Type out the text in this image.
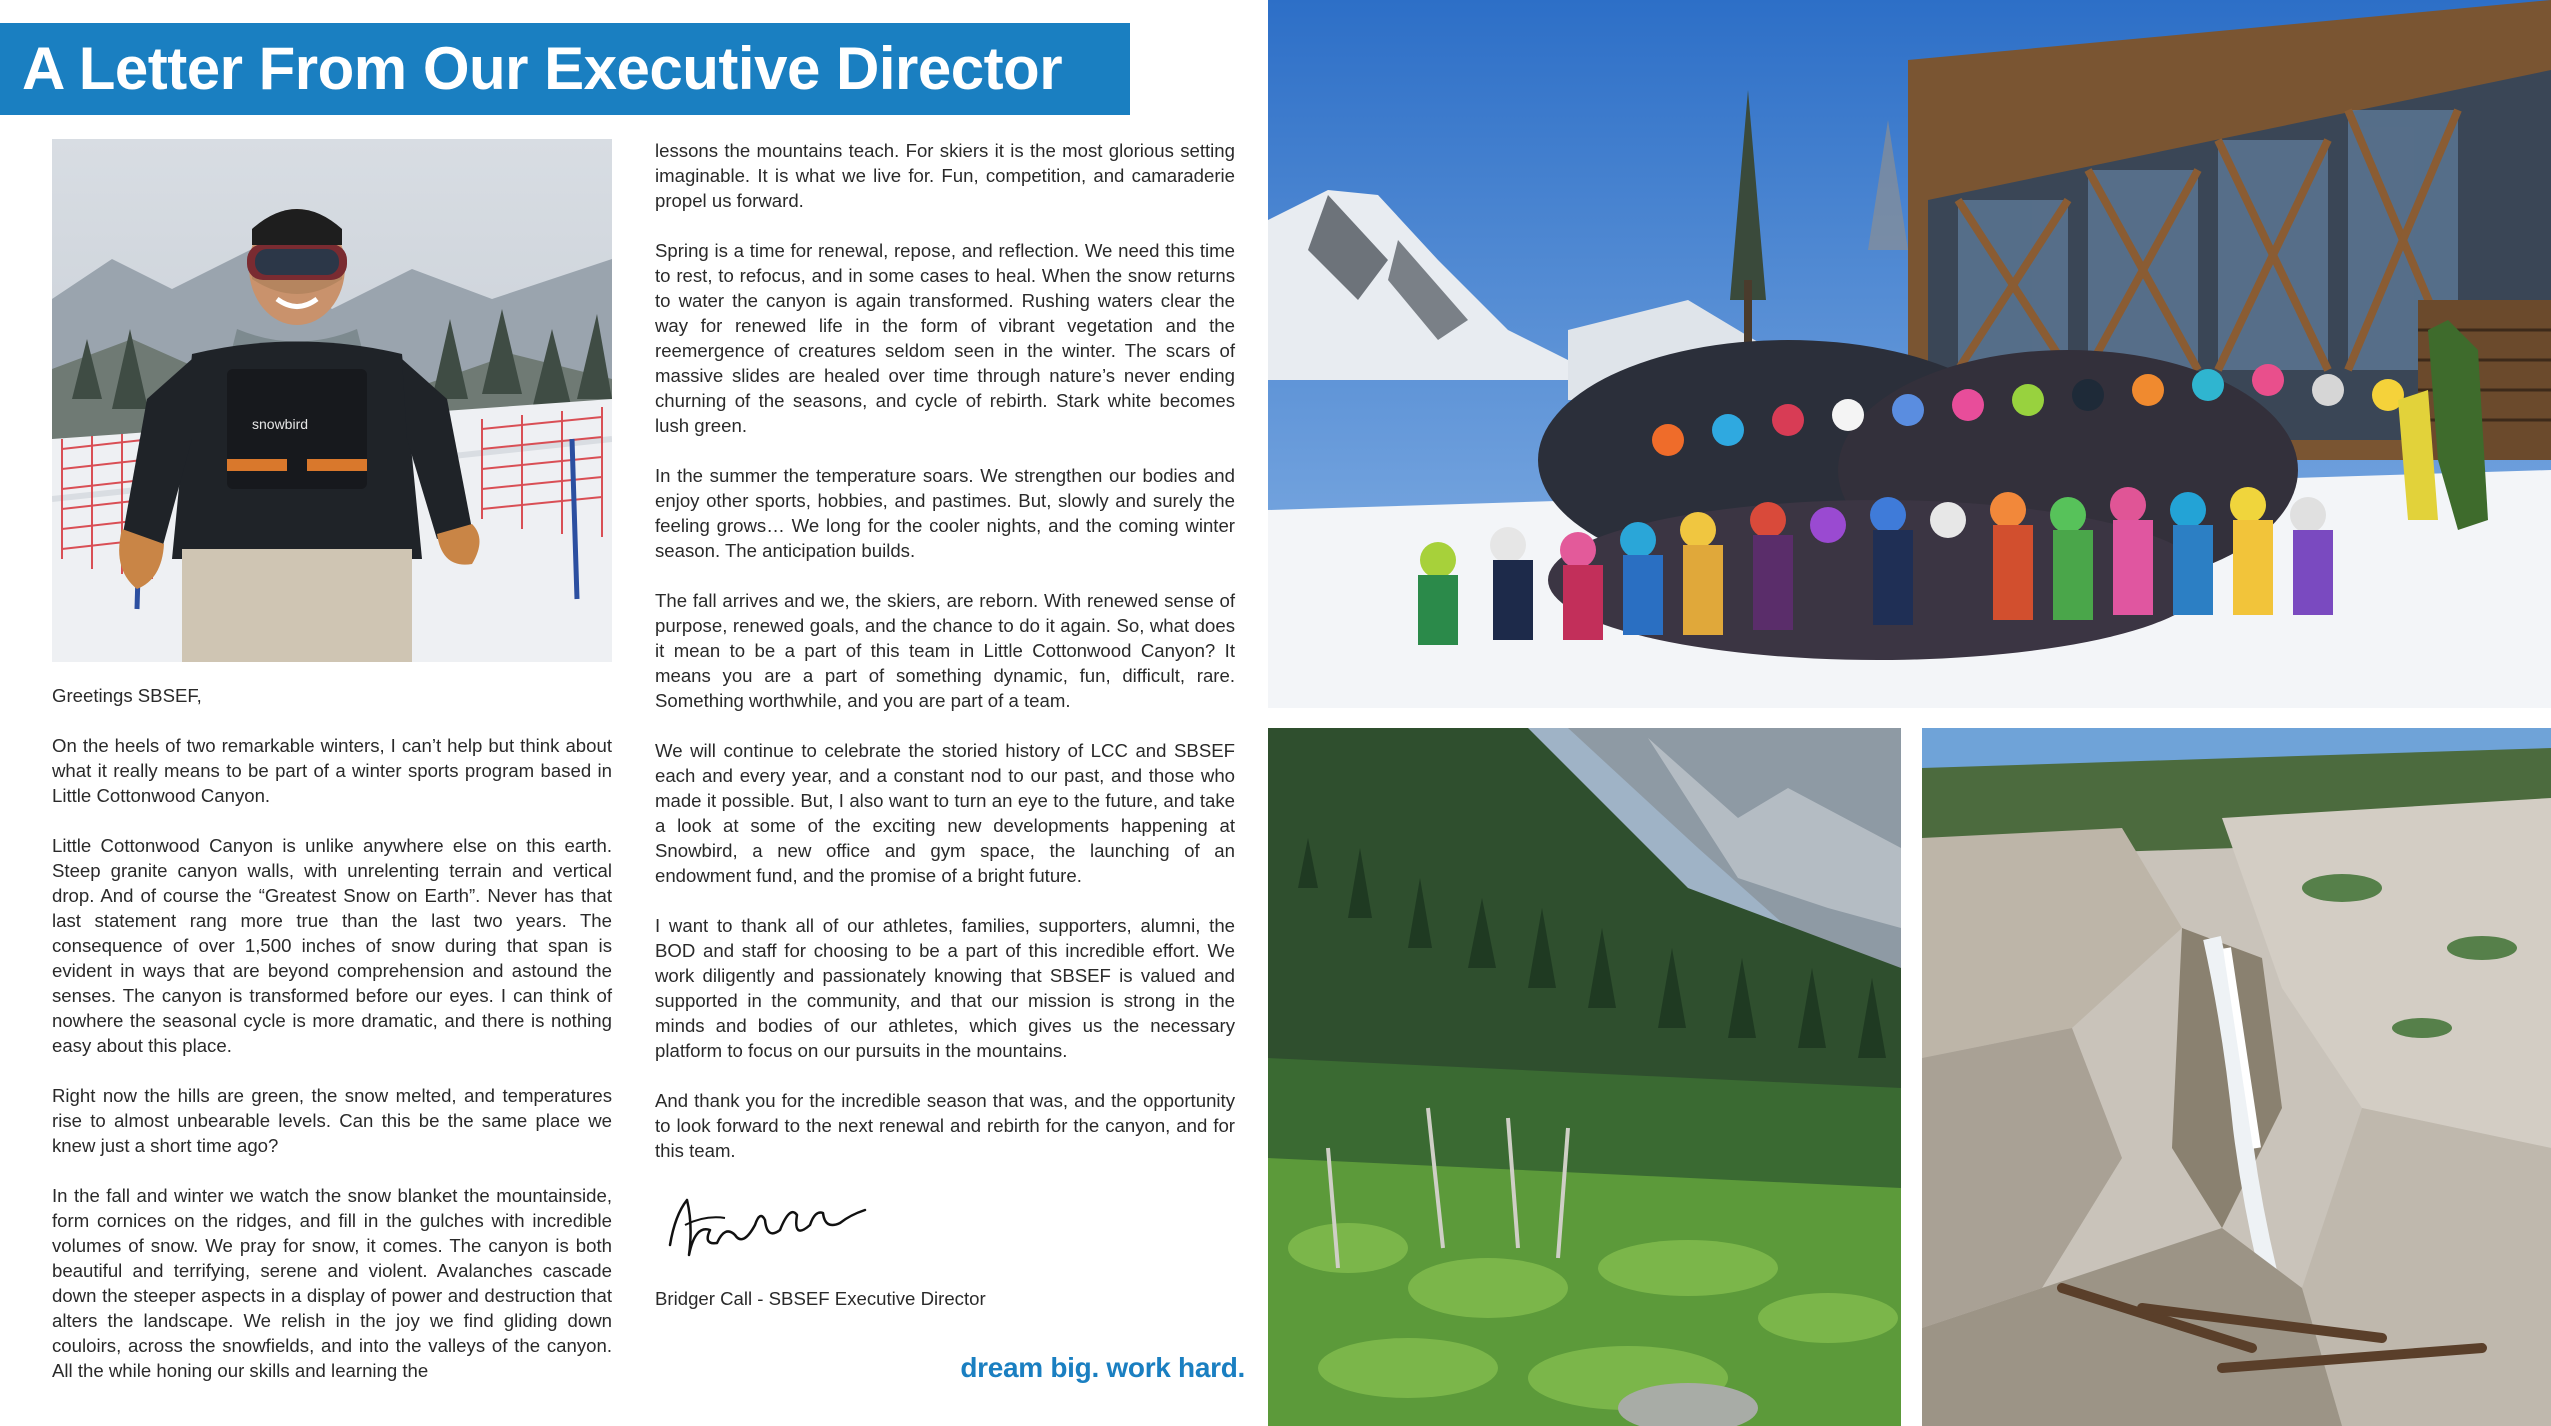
A Letter From Our Executive Director
snowbird

Greetings SBSEF,

On the heels of two remarkable winters, I can’t help but think about what it really means to be part of a winter sports program based in Little Cottonwood Canyon.

Little Cottonwood Canyon is unlike anywhere else on this earth. Steep granite canyon walls, with unrelenting terrain and vertical drop. And of course the “Greatest Snow on Earth”. Never has that last statement rang more true than the last two years. The consequence of over 1,500 inches of snow during that span is evident in ways that are beyond comprehension and astound the senses. The canyon is transformed before our eyes. I can think of nowhere the seasonal cycle is more dramatic, and there is nothing easy about this place.

Right now the hills are green, the snow melted, and temperatures rise to almost unbearable levels. Can this be the same place we knew just a short time ago?

In the fall and winter we watch the snow blanket the mountainside, form cornices on the ridges, and fill in the gulches with incredible volumes of snow. We pray for snow, it comes. The canyon is both beautiful and terrifying, serene and violent. Avalanches cascade down the steeper aspects in a display of power and destruction that alters the landscape. We relish in the joy we find gliding down couloirs, across the snowfields, and into the valleys of the canyon. All the while honing our skills and learning the

lessons the mountains teach. For skiers it is the most glorious setting imaginable. It is what we live for. Fun, competition, and camaraderie propel us forward.

Spring is a time for renewal, repose, and reflection. We need this time to rest, to refocus, and in some cases to heal. When the snow returns to water the canyon is again transformed. Rushing waters clear the way for renewed life in the form of vibrant vegetation and the reemergence of creatures seldom seen in the winter. The scars of massive slides are healed over time through nature’s never ending churning of the seasons, and cycle of rebirth. Stark white becomes lush green.

In the summer the temperature soars. We strengthen our bodies and enjoy other sports, hobbies, and pastimes. But, slowly and surely the feeling grows… We long for the cooler nights, and the coming winter season. The anticipation builds.

The fall arrives and we, the skiers, are reborn. With renewed sense of purpose, renewed goals, and the chance to do it again. So, what does it mean to be a part of this team in Little Cottonwood Canyon? It means you are a part of something dynamic, fun, difficult, rare. Something worthwhile, and you are part of a team.

We will continue to celebrate the storied history of LCC and SBSEF each and every year, and a constant nod to our past, and those who made it possible. But, I also want to turn an eye to the future, and take a look at some of the exciting new developments happening at Snowbird, a new office and gym space, the launching of an endowment fund, and the promise of a bright future.

I want to thank all of our athletes, families, supporters, alumni, the BOD and staff for choosing to be a part of this incredible effort. We work diligently and passionately knowing that SBSEF is valued and supported in the community, and that our mission is strong in the minds and bodies of our athletes, which gives us the necessary platform to focus on our pursuits in the mountains.

And thank you for the incredible season that was, and the opportunity to look forward to the next renewal and rebirth for the canyon, and for this team.

Bridger Call - SBSEF Executive Director
dream big. work hard.
